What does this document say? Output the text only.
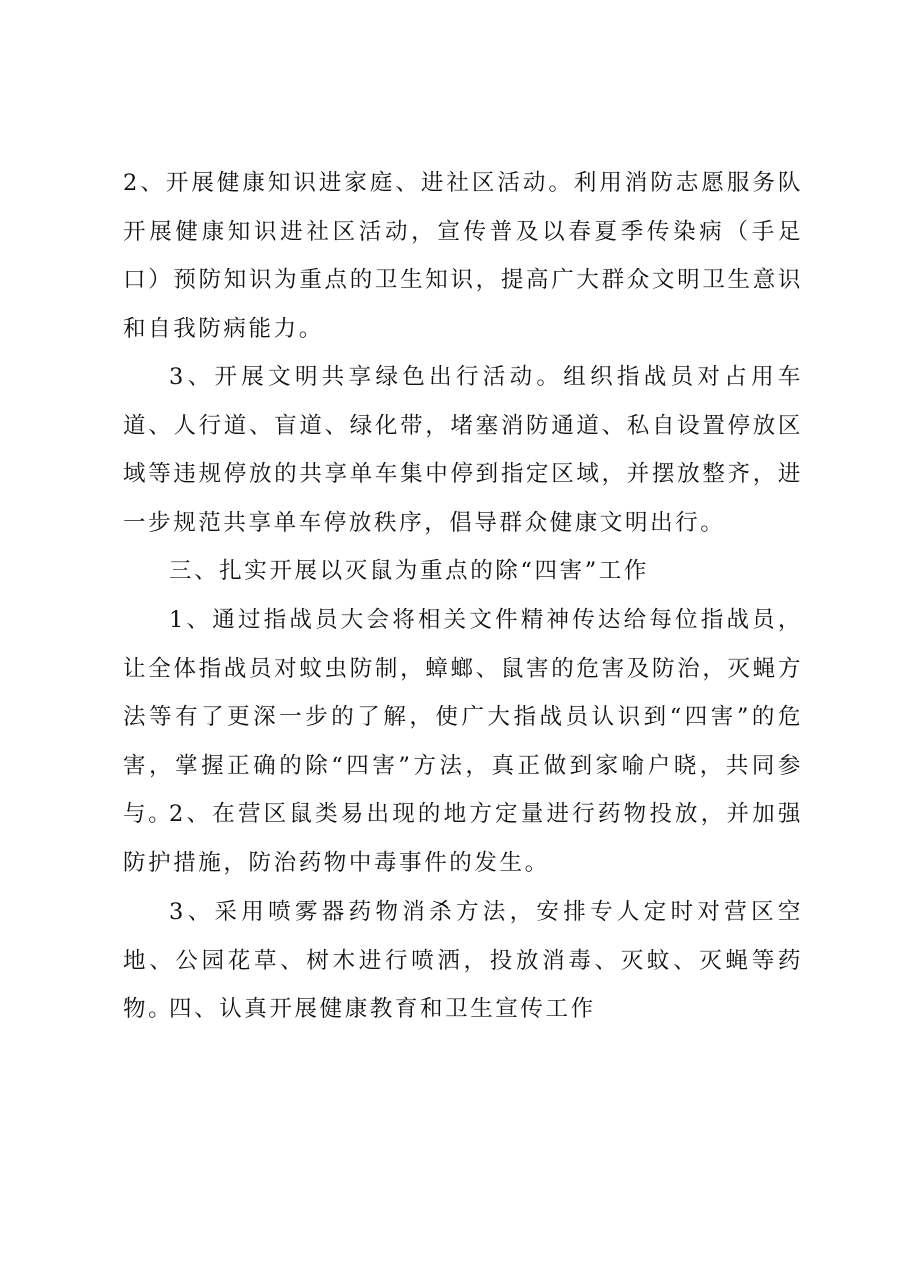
2、开展健康知识进家庭、进社区活动。利用消防志愿服务队开展健康知识进社区活动，宣传普及以春夏季传染病（手足口）预防知识为重点的卫生知识，提高广大群众文明卫生意识和自我防病能力。

3、开展文明共享绿色出行活动。组织指战员对占用车道、人行道、盲道、绿化带，堵塞消防通道、私自设置停放区域等违规停放的共享单车集中停到指定区域，并摆放整齐，进一步规范共享单车停放秩序，倡导群众健康文明出行。

三、扎实开展以灭鼠为重点的除“四害”工作

1、通过指战员大会将相关文件精神传达给每位指战员，让全体指战员对蚊虫防制，蟑螂、鼠害的危害及防治，灭蝇方法等有了更深一步的了解，使广大指战员认识到“四害”的危害，掌握正确的除“四害”方法，真正做到家喻户晓，共同参与。

2、在营区鼠类易出现的地方定量进行药物投放，并加强防护措施，防治药物中毒事件的发生。

3、采用喷雾器药物消杀方法，安排专人定时对营区空地、公园花草、树木进行喷洒，投放消毒、灭蚊、灭蝇等药物。

四、认真开展健康教育和卫生宣传工作
